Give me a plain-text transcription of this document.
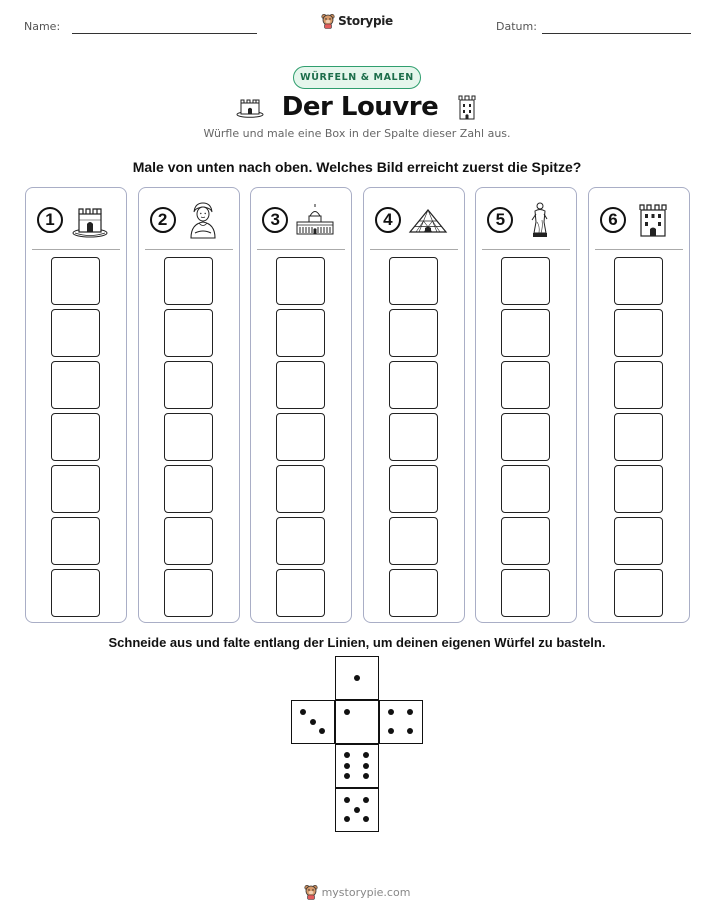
Name:	Storypie	Datum:
WÜRFELN & MALEN
Der Louvre
Würfle und male eine Box in der Spalte dieser Zahl aus.
Male von unten nach oben. Welches Bild erreicht zuerst die Spitze?
1	2	3	4	5	6
Schneide aus und falte entlang der Linien, um deinen eigenen Würfel zu basteln.
mystorypie.com
